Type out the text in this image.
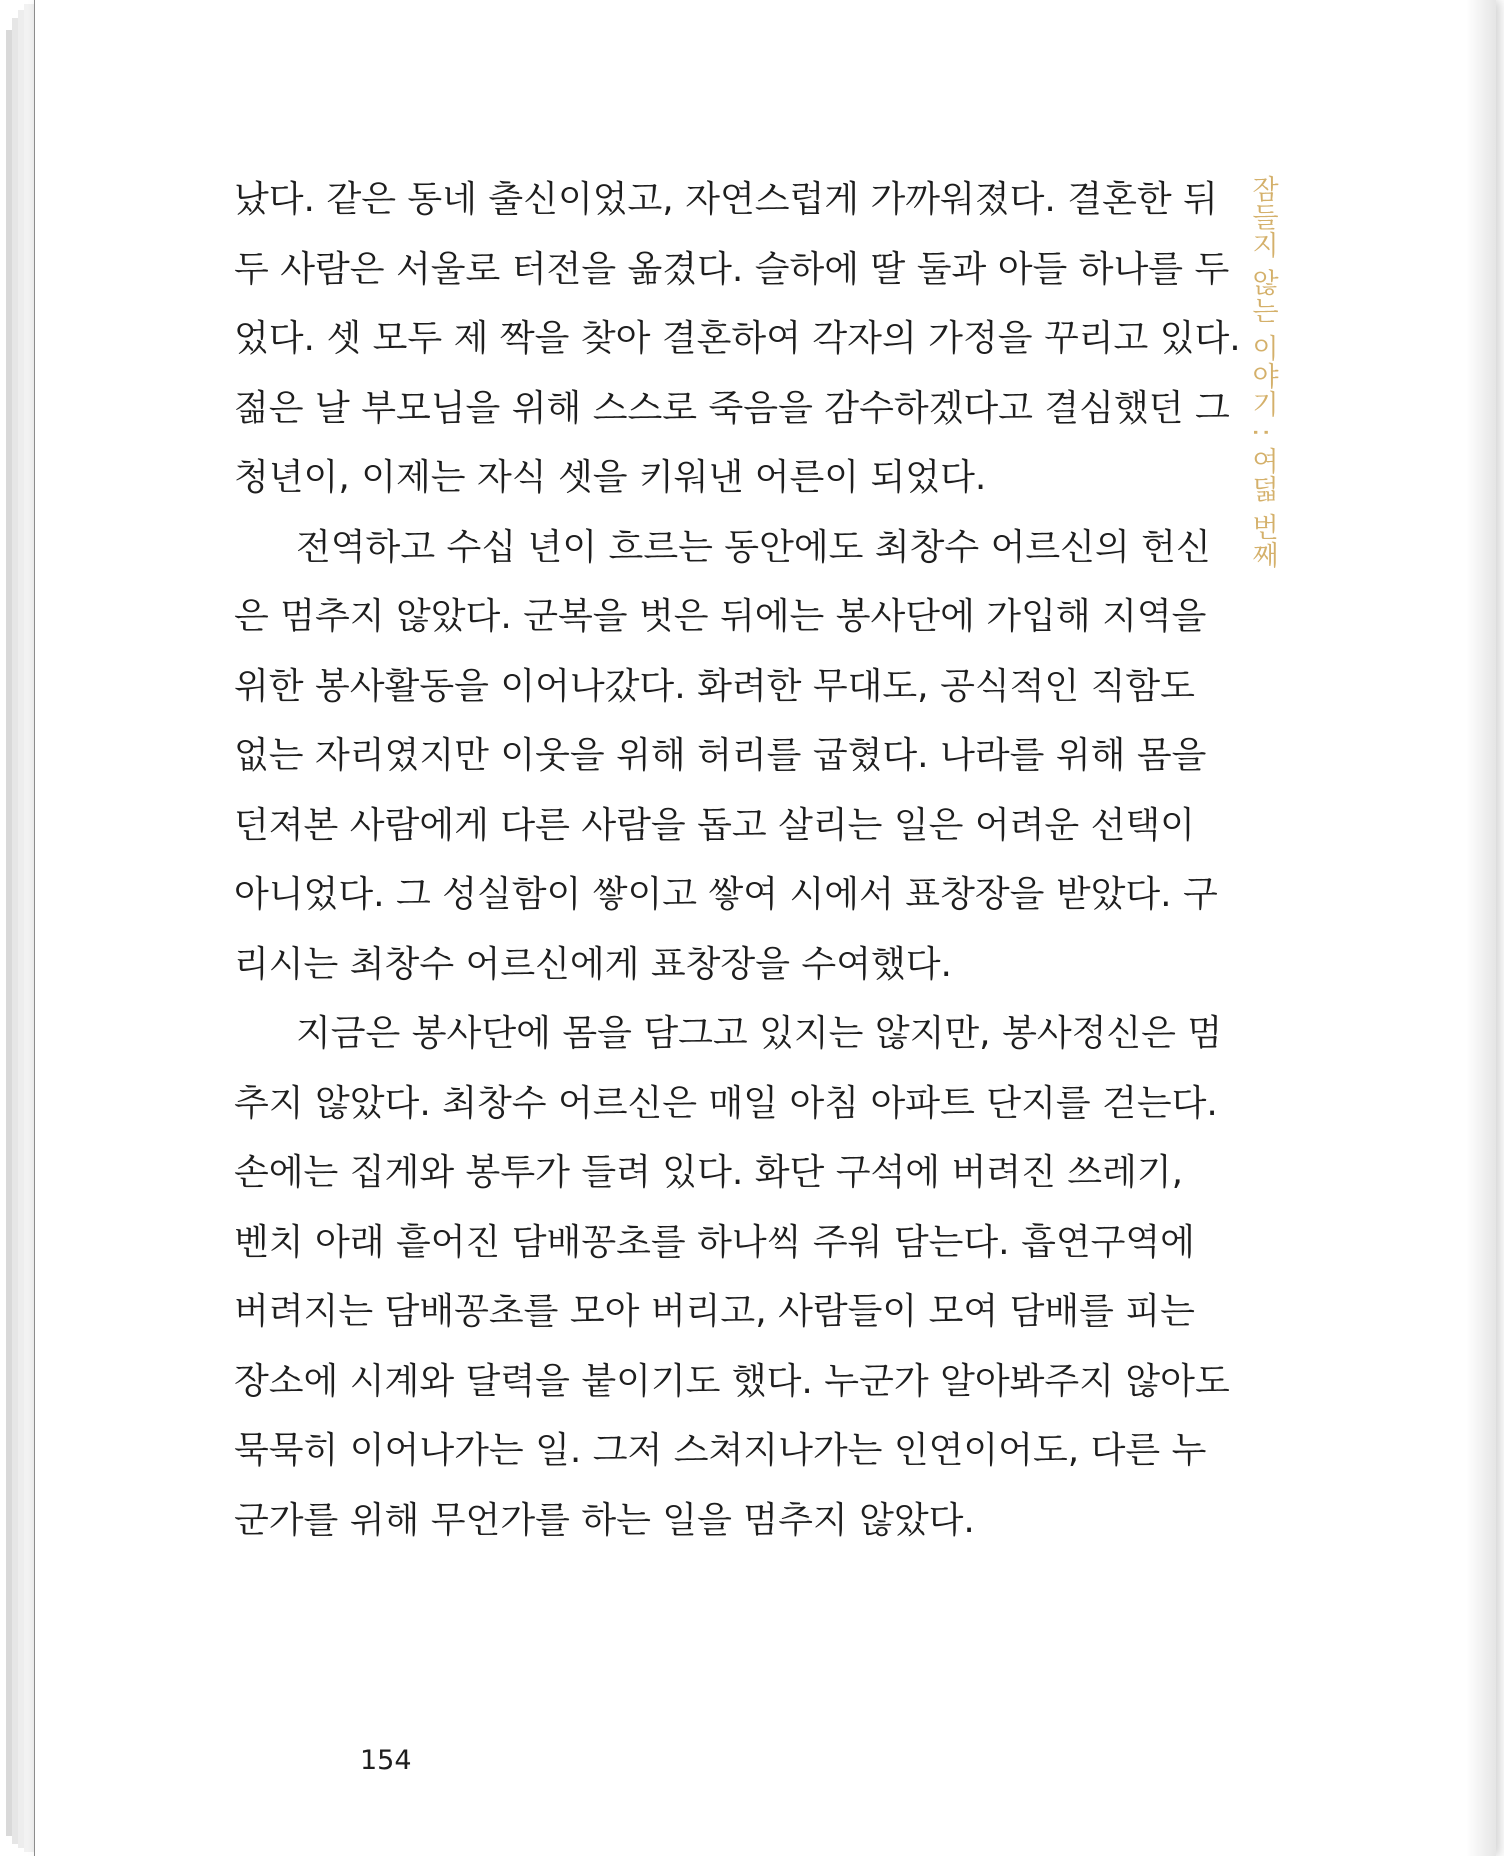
잠들지 않는 이야기 : 여덟 번째
났다. 같은 동네 출신이었고, 자연스럽게 가까워졌다. 결혼한 뒤
두 사람은 서울로 터전을 옮겼다. 슬하에 딸 둘과 아들 하나를 두
었다. 셋 모두 제 짝을 찾아 결혼하여 각자의 가정을 꾸리고 있다.
젊은 날 부모님을 위해 스스로 죽음을 감수하겠다고 결심했던 그
청년이, 이제는 자식 셋을 키워낸 어른이 되었다.
전역하고 수십 년이 흐르는 동안에도 최창수 어르신의 헌신
은 멈추지 않았다. 군복을 벗은 뒤에는 봉사단에 가입해 지역을
위한 봉사활동을 이어나갔다. 화려한 무대도, 공식적인 직함도
없는 자리였지만 이웃을 위해 허리를 굽혔다. 나라를 위해 몸을
던져본 사람에게 다른 사람을 돕고 살리는 일은 어려운 선택이
아니었다. 그 성실함이 쌓이고 쌓여 시에서 표창장을 받았다. 구
리시는 최창수 어르신에게 표창장을 수여했다.
지금은 봉사단에 몸을 담그고 있지는 않지만, 봉사정신은 멈
추지 않았다. 최창수 어르신은 매일 아침 아파트 단지를 걷는다.
손에는 집게와 봉투가 들려 있다. 화단 구석에 버려진 쓰레기,
벤치 아래 흩어진 담배꽁초를 하나씩 주워 담는다. 흡연구역에
버려지는 담배꽁초를 모아 버리고, 사람들이 모여 담배를 피는
장소에 시계와 달력을 붙이기도 했다. 누군가 알아봐주지 않아도
묵묵히 이어나가는 일. 그저 스쳐지나가는 인연이어도, 다른 누
군가를 위해 무언가를 하는 일을 멈추지 않았다.
154
